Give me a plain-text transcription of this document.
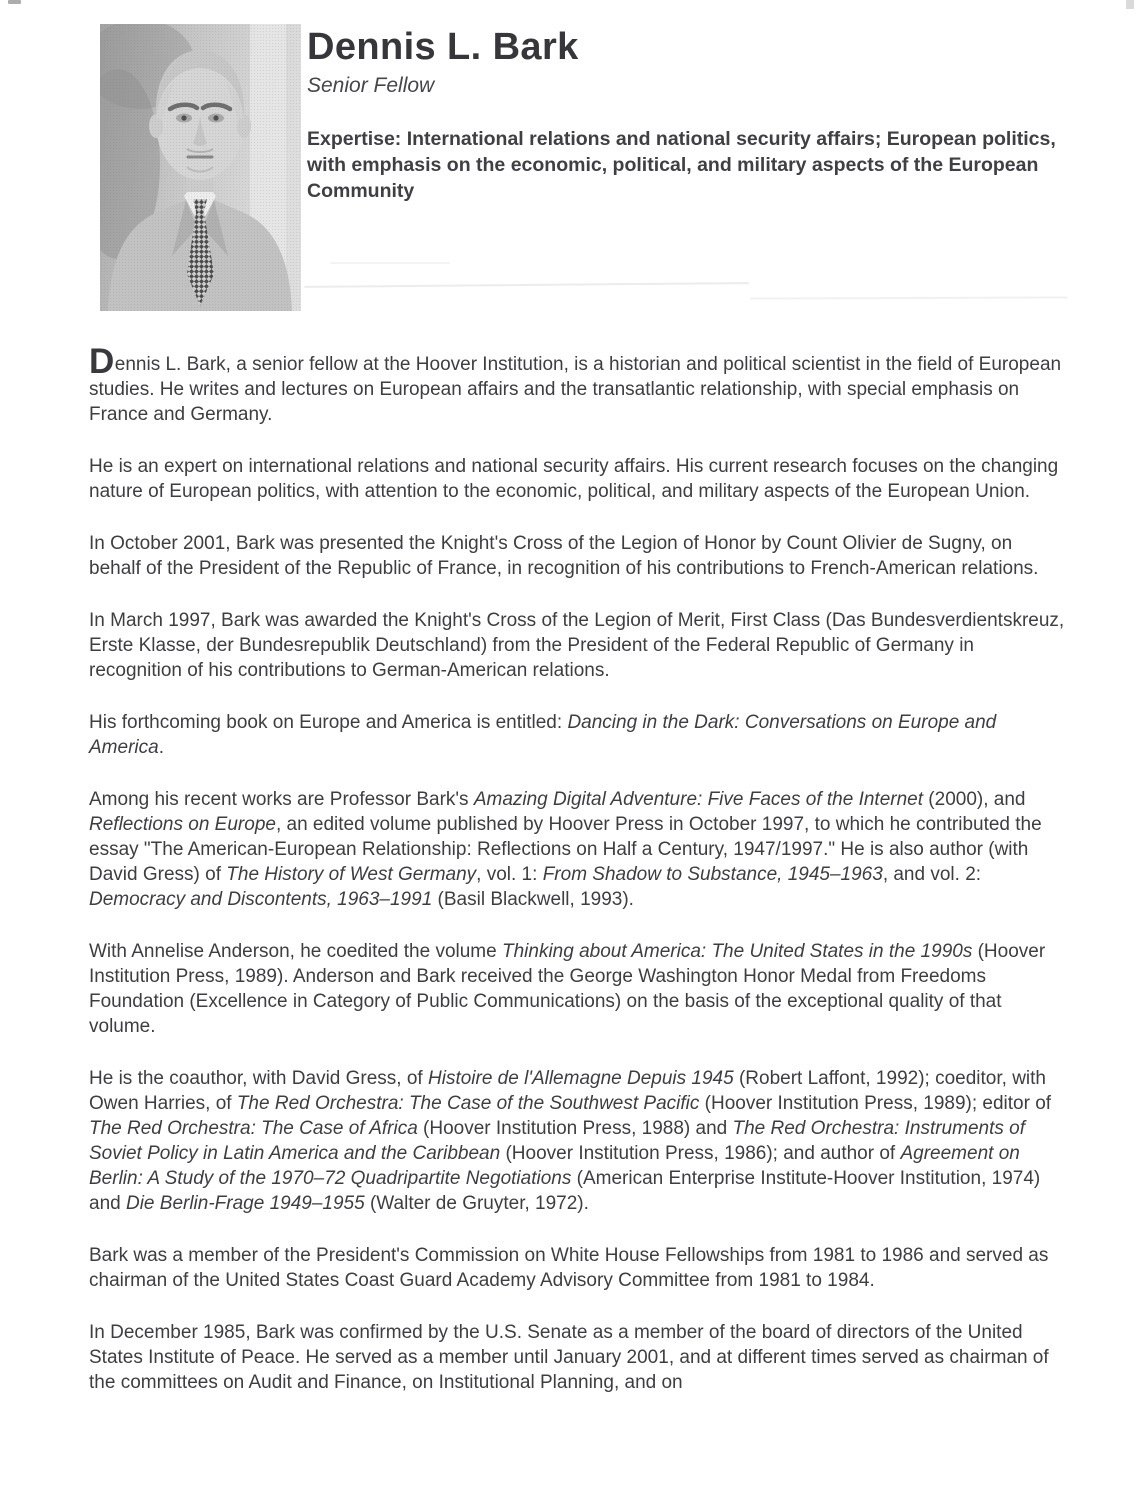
Dennis L. Bark
Senior Fellow
Expertise: International relations and national security affairs; European politics, with emphasis on the economic, political, and military aspects of the European Community

Dennis L. Bark, a senior fellow at the Hoover Institution, is a historian and political scientist in the field of European studies. He writes and lectures on European affairs and the transatlantic relationship, with special emphasis on France and Germany.

He is an expert on international relations and national security affairs. His current research focuses on the changing nature of European politics, with attention to the economic, political, and military aspects of the European Union.

In October 2001, Bark was presented the Knight's Cross of the Legion of Honor by Count Olivier de Sugny, on behalf of the President of the Republic of France, in recognition of his contributions to French-American relations.

In March 1997, Bark was awarded the Knight's Cross of the Legion of Merit, First Class (Das Bundesverdientskreuz, Erste Klasse, der Bundesrepublik Deutschland) from the President of the Federal Republic of Germany in recognition of his contributions to German-American relations.

His forthcoming book on Europe and America is entitled: Dancing in the Dark: Conversations on Europe and America.

Among his recent works are Professor Bark's Amazing Digital Adventure: Five Faces of the Internet (2000), and Reflections on Europe, an edited volume published by Hoover Press in October 1997, to which he contributed the essay "The American-European Relationship: Reflections on Half a Century, 1947/1997." He is also author (with David Gress) of The History of West Germany, vol. 1: From Shadow to Substance, 1945–1963, and vol. 2: Democracy and Discontents, 1963–1991 (Basil Blackwell, 1993).

With Annelise Anderson, he coedited the volume Thinking about America: The United States in the 1990s (Hoover Institution Press, 1989). Anderson and Bark received the George Washington Honor Medal from Freedoms Foundation (Excellence in Category of Public Communications) on the basis of the exceptional quality of that volume.

He is the coauthor, with David Gress, of Histoire de l'Allemagne Depuis 1945 (Robert Laffont, 1992); coeditor, with Owen Harries, of The Red Orchestra: The Case of the Southwest Pacific (Hoover Institution Press, 1989); editor of The Red Orchestra: The Case of Africa (Hoover Institution Press, 1988) and The Red Orchestra: Instruments of Soviet Policy in Latin America and the Caribbean (Hoover Institution Press, 1986); and author of Agreement on Berlin: A Study of the 1970–72 Quadripartite Negotiations (American Enterprise Institute-Hoover Institution, 1974) and Die Berlin-Frage 1949–1955 (Walter de Gruyter, 1972).

Bark was a member of the President's Commission on White House Fellowships from 1981 to 1986 and served as chairman of the United States Coast Guard Academy Advisory Committee from 1981 to 1984.

In December 1985, Bark was confirmed by the U.S. Senate as a member of the board of directors of the United States Institute of Peace. He served as a member until January 2001, and at different times served as chairman of the committees on Audit and Finance, on Institutional Planning, and on
